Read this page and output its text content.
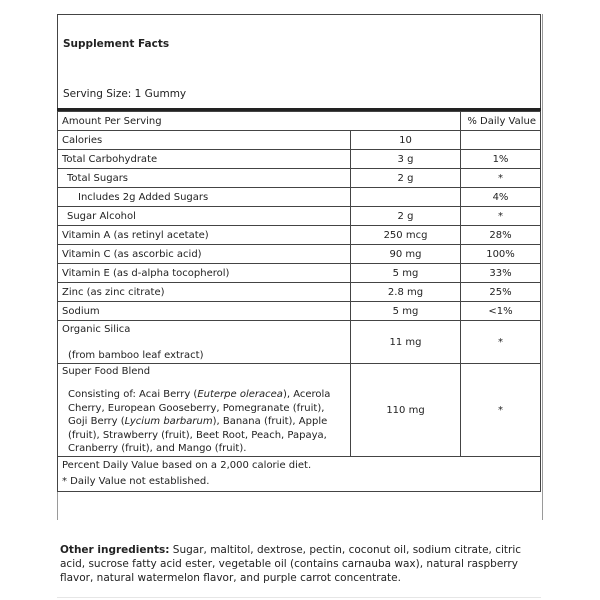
Supplement Facts
Serving Size: 1 Gummy
Amount Per Serving		% Daily Value
Calories	10	
Total Carbohydrate	3 g	1%
Total Sugars	2 g	*
Includes 2g Added Sugars		4%
Sugar Alcohol	2 g	*
Vitamin A (as retinyl acetate)	250 mcg	28%
Vitamin C (as ascorbic acid)	90 mg	100%
Vitamin E (as d-alpha tocopherol)	5 mg	33%
Zinc (as zinc citrate)	2.8 mg	25%
Sodium	5 mg	<1%

Organic Silica
(from bamboo leaf extract)	11 mg	*

Super Food Blend
Consisting of: Acai Berry (Euterpe oleracea), Acerola Cherry, European Gooseberry, Pomegranate (fruit), Goji Berry (Lycium barbarum), Banana (fruit), Apple (fruit), Strawberry (fruit), Beet Root, Peach, Papaya, Cranberry (fruit), and Mango (fruit).	110 mg	*

Percent Daily Value based on a 2,000 calorie diet.
* Daily Value not established.		
Other ingredients: Sugar, maltitol, dextrose, pectin, coconut oil, sodium citrate, citric acid, sucrose fatty acid ester, vegetable oil (contains carnauba wax), natural raspberry flavor, natural watermelon flavor, and purple carrot concentrate.
